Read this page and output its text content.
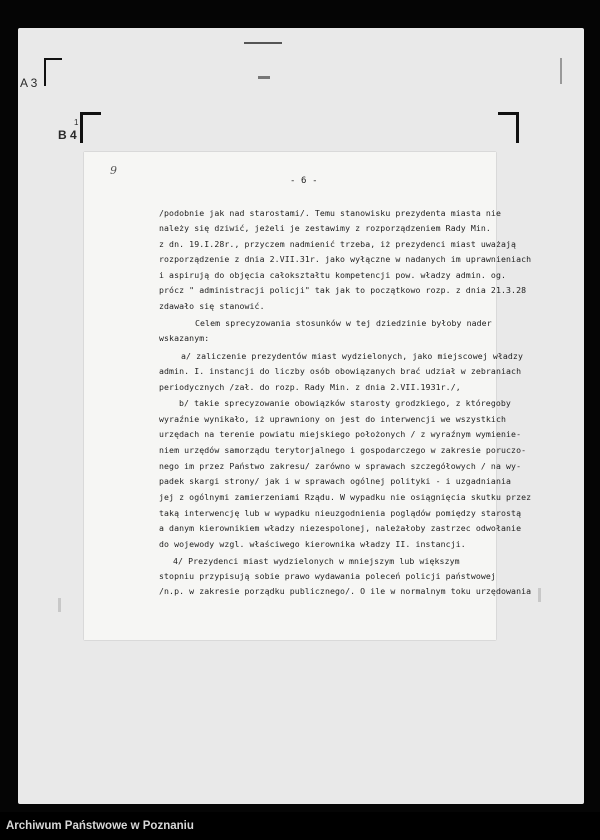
A 3
1
B 4
9
- 6 -
/podobnie jak nad starostami/. Temu stanowisku prezydenta miasta nie
należy się dziwić, jeżeli je zestawimy z rozporządzeniem Rady Min.
z dn. 19.I.28r., przyczem nadmienić trzeba, iż prezydenci miast uważają
rozporządzenie z dnia 2.VII.31r. jako wyłączne w nadanych im uprawnieniach
i aspirują do objęcia całokształtu kompetencji pow. władzy admin. og.
prócz " administracji policji" tak jak to początkowo rozp. z dnia 21.3.28
zdawało się stanowić.
Celem sprecyzowania stosunków w tej dziedzinie byłoby nader
wskazanym:
a/ zaliczenie prezydentów miast wydzielonych, jako miejscowej władzy
admin. I. instancji do liczby osób obowiązanych brać udział w zebraniach
periodycznych /zał. do rozp. Rady Min. z dnia 2.VII.1931r./,
b/ takie sprecyzowanie obowiązków starosty grodzkiego, z któregoby
wyraźnie wynikało, iż uprawniony on jest do interwencji we wszystkich
urzędach na terenie powiatu miejskiego położonych / z wyraźnym wymienie-
niem urzędów samorządu terytorjalnego i gospodarczego w zakresie poruczo-
nego im przez Państwo zakresu/ zarówno w sprawach szczegółowych / na wy-
padek skargi strony/ jak i w sprawach ogólnej polityki - i uzgadniania
jej z ogólnymi zamierzeniami Rządu. W wypadku nie osiągnięcia skutku przez
taką interwencję lub w wypadku nieuzgodnienia poglądów pomiędzy starostą
a danym kierownikiem władzy niezespolonej, należałoby zastrzec odwołanie
do wojewody wzgl. właściwego kierownika władzy II. instancji.
4/ Prezydenci miast wydzielonych w mniejszym lub większym
stopniu przypisują sobie prawo wydawania poleceń policji państwowej
/n.p. w zakresie porządku publicznego/. O ile w normalnym toku urzędowania
Archiwum Państwowe w Poznaniu
